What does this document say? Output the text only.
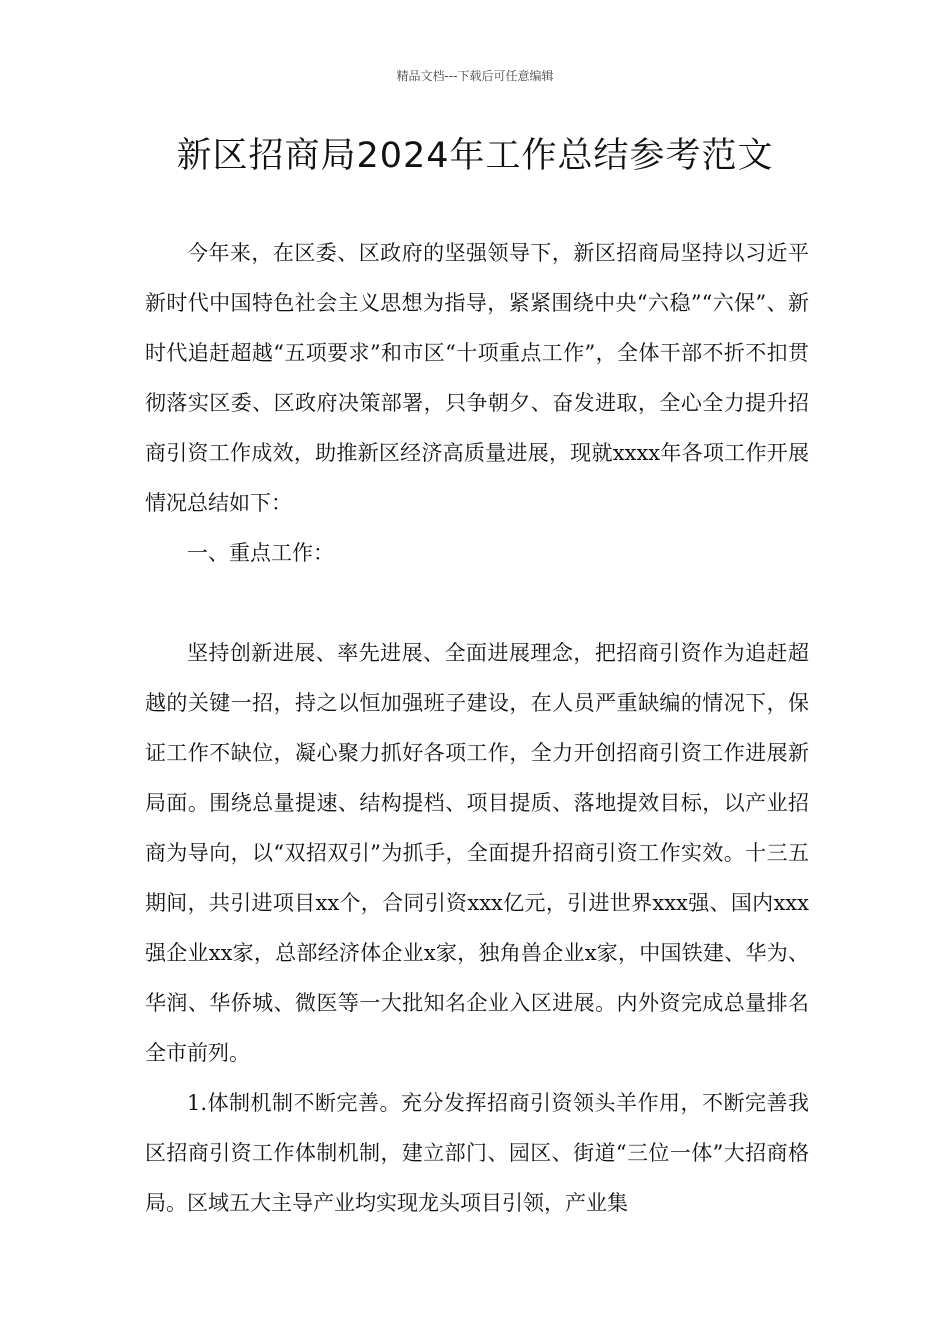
精品文档---下载后可任意编辑
新区招商局2024年工作总结参考范文

今年来，在区委、区政府的坚强领导下，新区招商局坚持以习近平新时代中国特色社会主义思想为指导，紧紧围绕中央“六稳”“六保”、新时代追赶超越“五项要求”和市区“十项重点工作”，全体干部不折不扣贯彻落实区委、区政府决策部署，只争朝夕、奋发进取，全心全力提升招商引资工作成效，助推新区经济高质量进展，现就xxxx年各项工作开展情况总结如下：

一、重点工作：

坚持创新进展、率先进展、全面进展理念，把招商引资作为追赶超越的关键一招，持之以恒加强班子建设，在人员严重缺编的情况下，保证工作不缺位，凝心聚力抓好各项工作，全力开创招商引资工作进展新局面。围绕总量提速、结构提档、项目提质、落地提效目标，以产业招商为导向，以“双招双引”为抓手，全面提升招商引资工作实效。十三五期间，共引进项目xx个，合同引资xxx亿元，引进世界xxx强、国内xxx强企业xx家，总部经济体企业x家，独角兽企业x家，中国铁建、华为、华润、华侨城、微医等一大批知名企业入区进展。内外资完成总量排名全市前列。

1.体制机制不断完善。充分发挥招商引资领头羊作用，不断完善我区招商引资工作体制机制，建立部门、园区、街道“三位一体”大招商格局。区域五大主导产业均实现龙头项目引领，产业集
